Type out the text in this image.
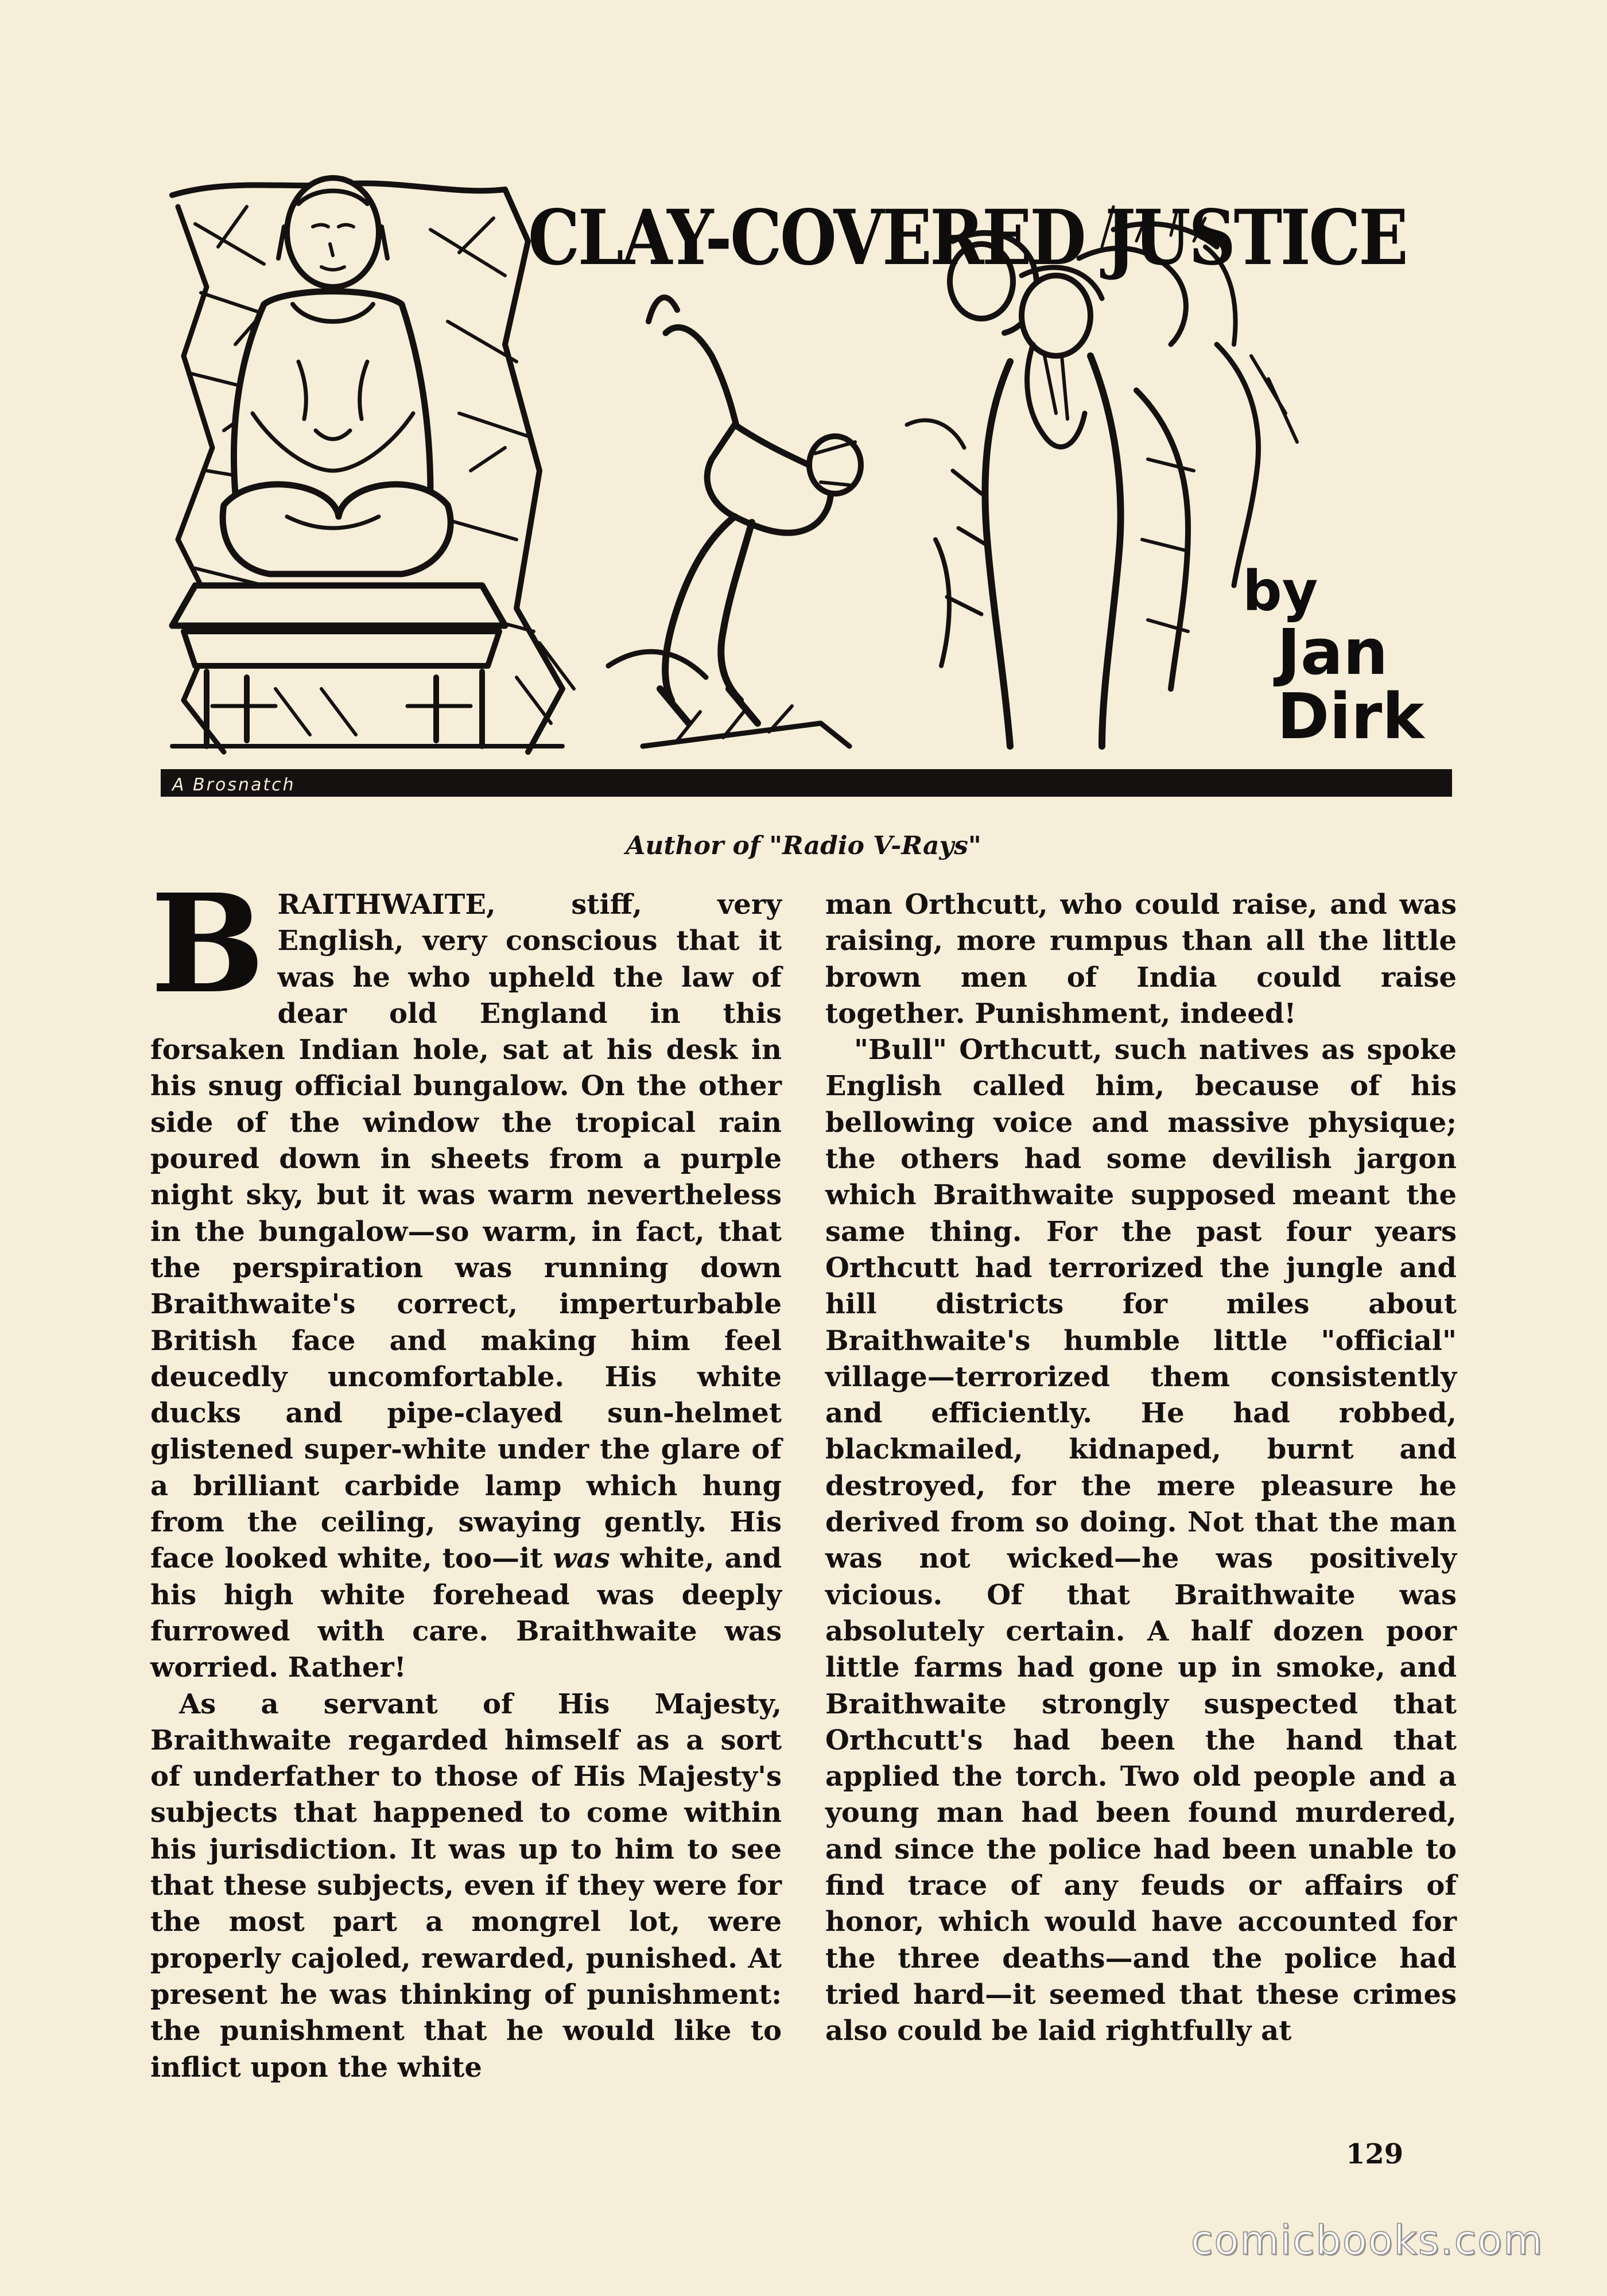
CLAY-COVERED JUSTICE
by
Jan
Dirk
A Brosnatch
Author of "Radio V-Rays"

BRAITHWAITE, stiff, very English, very conscious that it was he who upheld the law of dear old England in this forsaken Indian hole, sat at his desk in his snug official bungalow. On the other side of the window the tropical rain poured down in sheets from a purple night sky, but it was warm nevertheless in the bungalow—so warm, in fact, that the perspiration was running down Braithwaite's correct, imperturbable British face and making him feel deucedly uncomfortable. His white ducks and pipe-clayed sun-helmet glistened super-white under the glare of a brilliant carbide lamp which hung from the ceiling, swaying gently. His face looked white, too—it was white, and his high white forehead was deeply furrowed with care. Braithwaite was worried. Rather!

As a servant of His Majesty, Braithwaite regarded himself as a sort of underfather to those of His Majesty's subjects that happened to come within his jurisdiction. It was up to him to see that these subjects, even if they were for the most part a mongrel lot, were properly cajoled, rewarded, punished. At present he was thinking of punishment: the punishment that he would like to inflict upon the white

man Orthcutt, who could raise, and was raising, more rumpus than all the little brown men of India could raise together. Punishment, indeed!

"Bull" Orthcutt, such natives as spoke English called him, because of his bellowing voice and massive physique; the others had some devilish jargon which Braithwaite supposed meant the same thing. For the past four years Orthcutt had terrorized the jungle and hill districts for miles about Braithwaite's humble little "official" village—terrorized them consistently and efficiently. He had robbed, blackmailed, kidnaped, burnt and destroyed, for the mere pleasure he derived from so doing. Not that the man was not wicked—he was positively vicious. Of that Braithwaite was absolutely certain. A half dozen poor little farms had gone up in smoke, and Braithwaite strongly suspected that Orthcutt's had been the hand that applied the torch. Two old people and a young man had been found murdered, and since the police had been unable to find trace of any feuds or affairs of honor, which would have accounted for the three deaths—and the police had tried hard—it seemed that these crimes also could be laid rightfully at

129
comicbooks.com
